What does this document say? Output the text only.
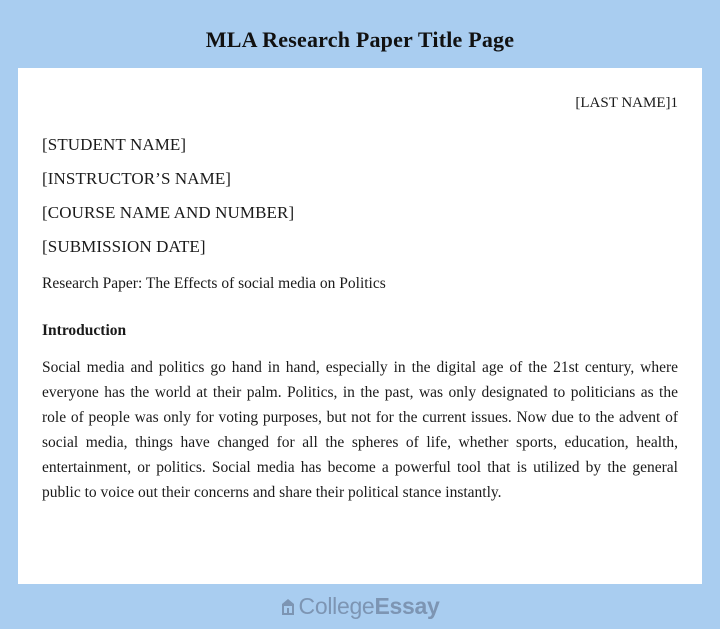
MLA Research Paper Title Page
[LAST NAME]1
[STUDENT NAME]
[INSTRUCTOR’S NAME]
[COURSE NAME AND NUMBER]
[SUBMISSION DATE]
Research Paper: The Effects of social media on Politics
Introduction
Social media and politics go hand in hand, especially in the digital age of the 21st century, where everyone has the world at their palm. Politics, in the past, was only designated to politicians as the role of people was only for voting purposes, but not for the current issues. Now due to the advent of social media, things have changed for all the spheres of life, whether sports, education, health, entertainment, or politics. Social media has become a powerful tool that is utilized by the general public to voice out their concerns and share their political stance instantly.
CollegeEssay
